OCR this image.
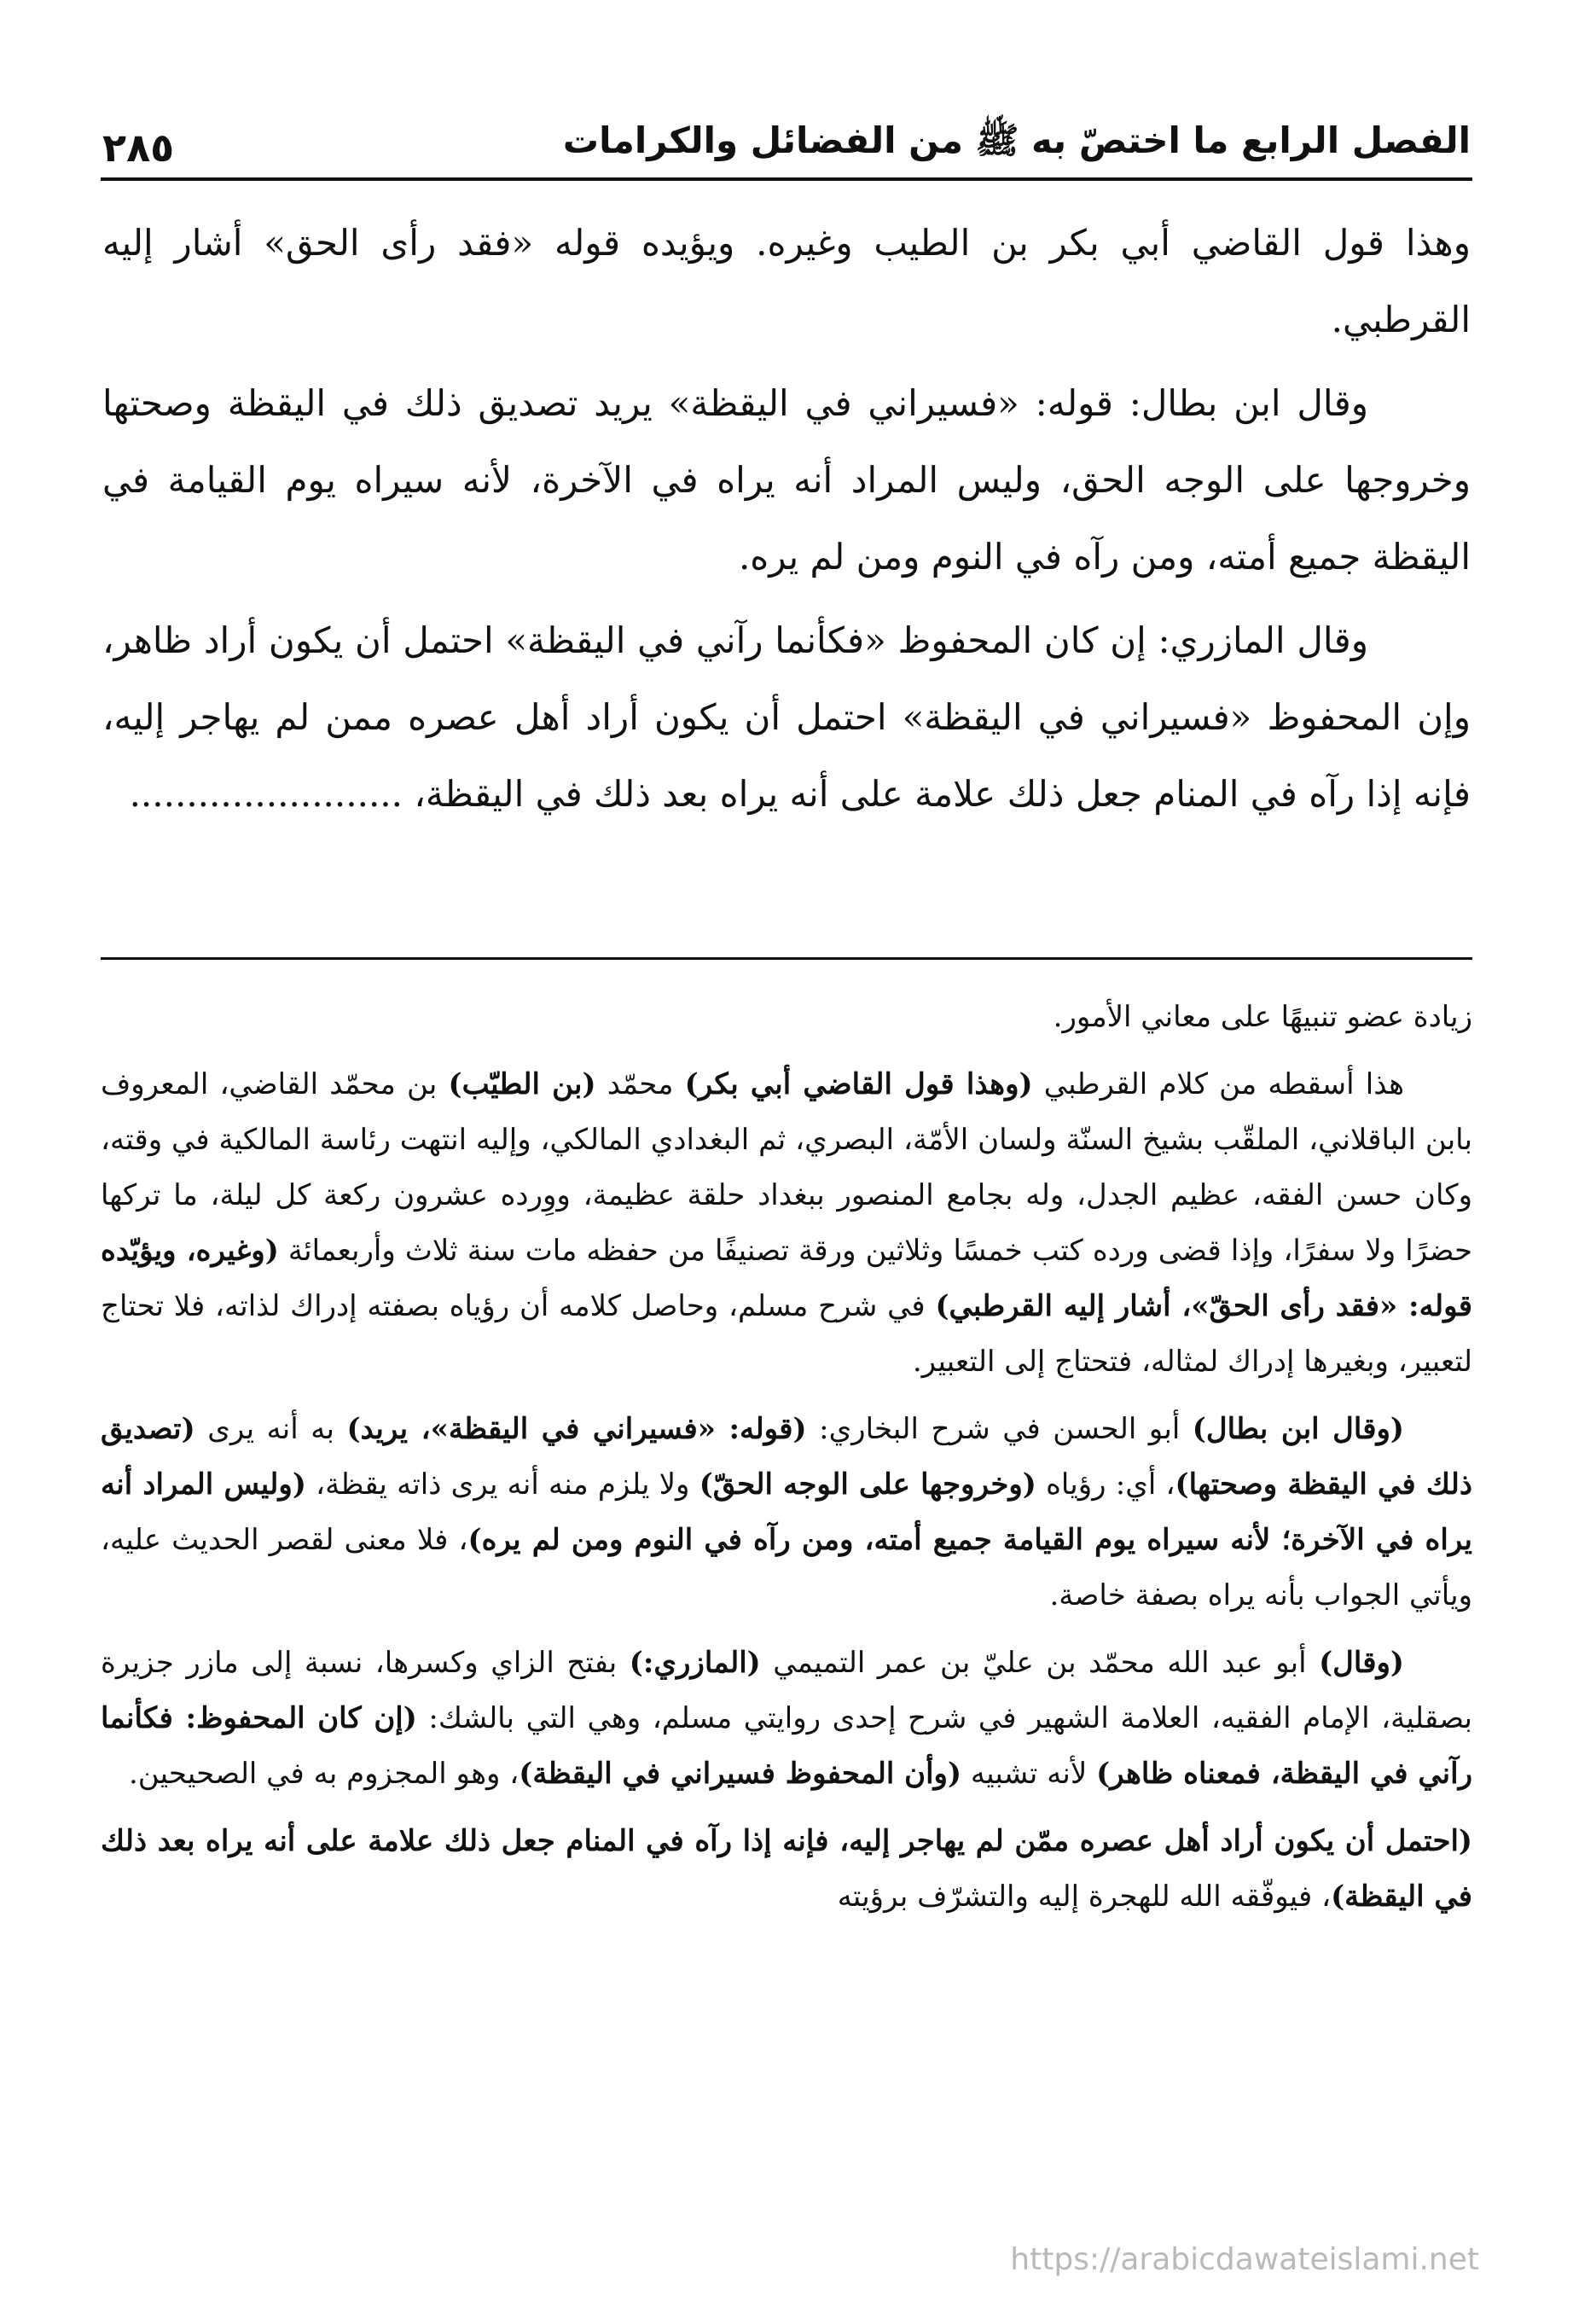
الفصل الرابع ما اختصّ به ﷺ من الفضائل والكرامات
٢٨٥

وهذا قول القاضي أبي بكر بن الطيب وغيره. ويؤيده قوله «فقد رأى الحق» أشار إليه القرطبي.

وقال ابن بطال: قوله: «فسيراني في اليقظة» يريد تصديق ذلك في اليقظة وصحتها وخروجها على الوجه الحق، وليس المراد أنه يراه في الآخرة، لأنه سيراه يوم القيامة في اليقظة جميع أمته، ومن رآه في النوم ومن لم يره.

وقال المازري: إن كان المحفوظ «فكأنما رآني في اليقظة» احتمل أن يكون أراد ظاهر، وإن المحفوظ «فسيراني في اليقظة» احتمل أن يكون أراد أهل عصره ممن لم يهاجر إليه، فإنه إذا رآه في المنام جعل ذلك علامة على أنه يراه بعد ذلك في اليقظة، ........................

زيادة عضو تنبيهًا على معاني الأمور.

هذا أسقطه من كلام القرطبي (وهذا قول القاضي أبي بكر) محمّد (بن الطيّب) بن محمّد القاضي، المعروف بابن الباقلاني، الملقّب بشيخ السنّة ولسان الأمّة، البصري، ثم البغدادي المالكي، وإليه انتهت رئاسة المالكية في وقته، وكان حسن الفقه، عظيم الجدل، وله بجامع المنصور ببغداد حلقة عظيمة، ووِرده عشرون ركعة كل ليلة، ما تركها حضرًا ولا سفرًا، وإذا قضى ورده كتب خمسًا وثلاثين ورقة تصنيفًا من حفظه مات سنة ثلاث وأربعمائة (وغيره، ويؤيّده قوله: «فقد رأى الحقّ»، أشار إليه القرطبي) في شرح مسلم، وحاصل كلامه أن رؤياه بصفته إدراك لذاته، فلا تحتاج لتعبير، وبغيرها إدراك لمثاله، فتحتاج إلى التعبير.

(وقال ابن بطال) أبو الحسن في شرح البخاري: (قوله: «فسيراني في اليقظة»، يريد) به أنه يرى (تصديق ذلك في اليقظة وصحتها)، أي: رؤياه (وخروجها على الوجه الحقّ) ولا يلزم منه أنه يرى ذاته يقظة، (وليس المراد أنه يراه في الآخرة؛ لأنه سيراه يوم القيامة جميع أمته، ومن رآه في النوم ومن لم يره)، فلا معنى لقصر الحديث عليه، ويأتي الجواب بأنه يراه بصفة خاصة.

(وقال) أبو عبد الله محمّد بن عليّ بن عمر التميمي (المازري:) بفتح الزاي وكسرها، نسبة إلى مازر جزيرة بصقلية، الإمام الفقيه، العلامة الشهير في شرح إحدى روايتي مسلم، وهي التي بالشك: (إن كان المحفوظ: فكأنما رآني في اليقظة، فمعناه ظاهر) لأنه تشبيه (وأن المحفوظ فسيراني في اليقظة)، وهو المجزوم به في الصحيحين.

(احتمل أن يكون أراد أهل عصره ممّن لم يهاجر إليه، فإنه إذا رآه في المنام جعل ذلك علامة على أنه يراه بعد ذلك في اليقظة)، فيوفّقه الله للهجرة إليه والتشرّف برؤيته

https://arabicdawateislami.net
